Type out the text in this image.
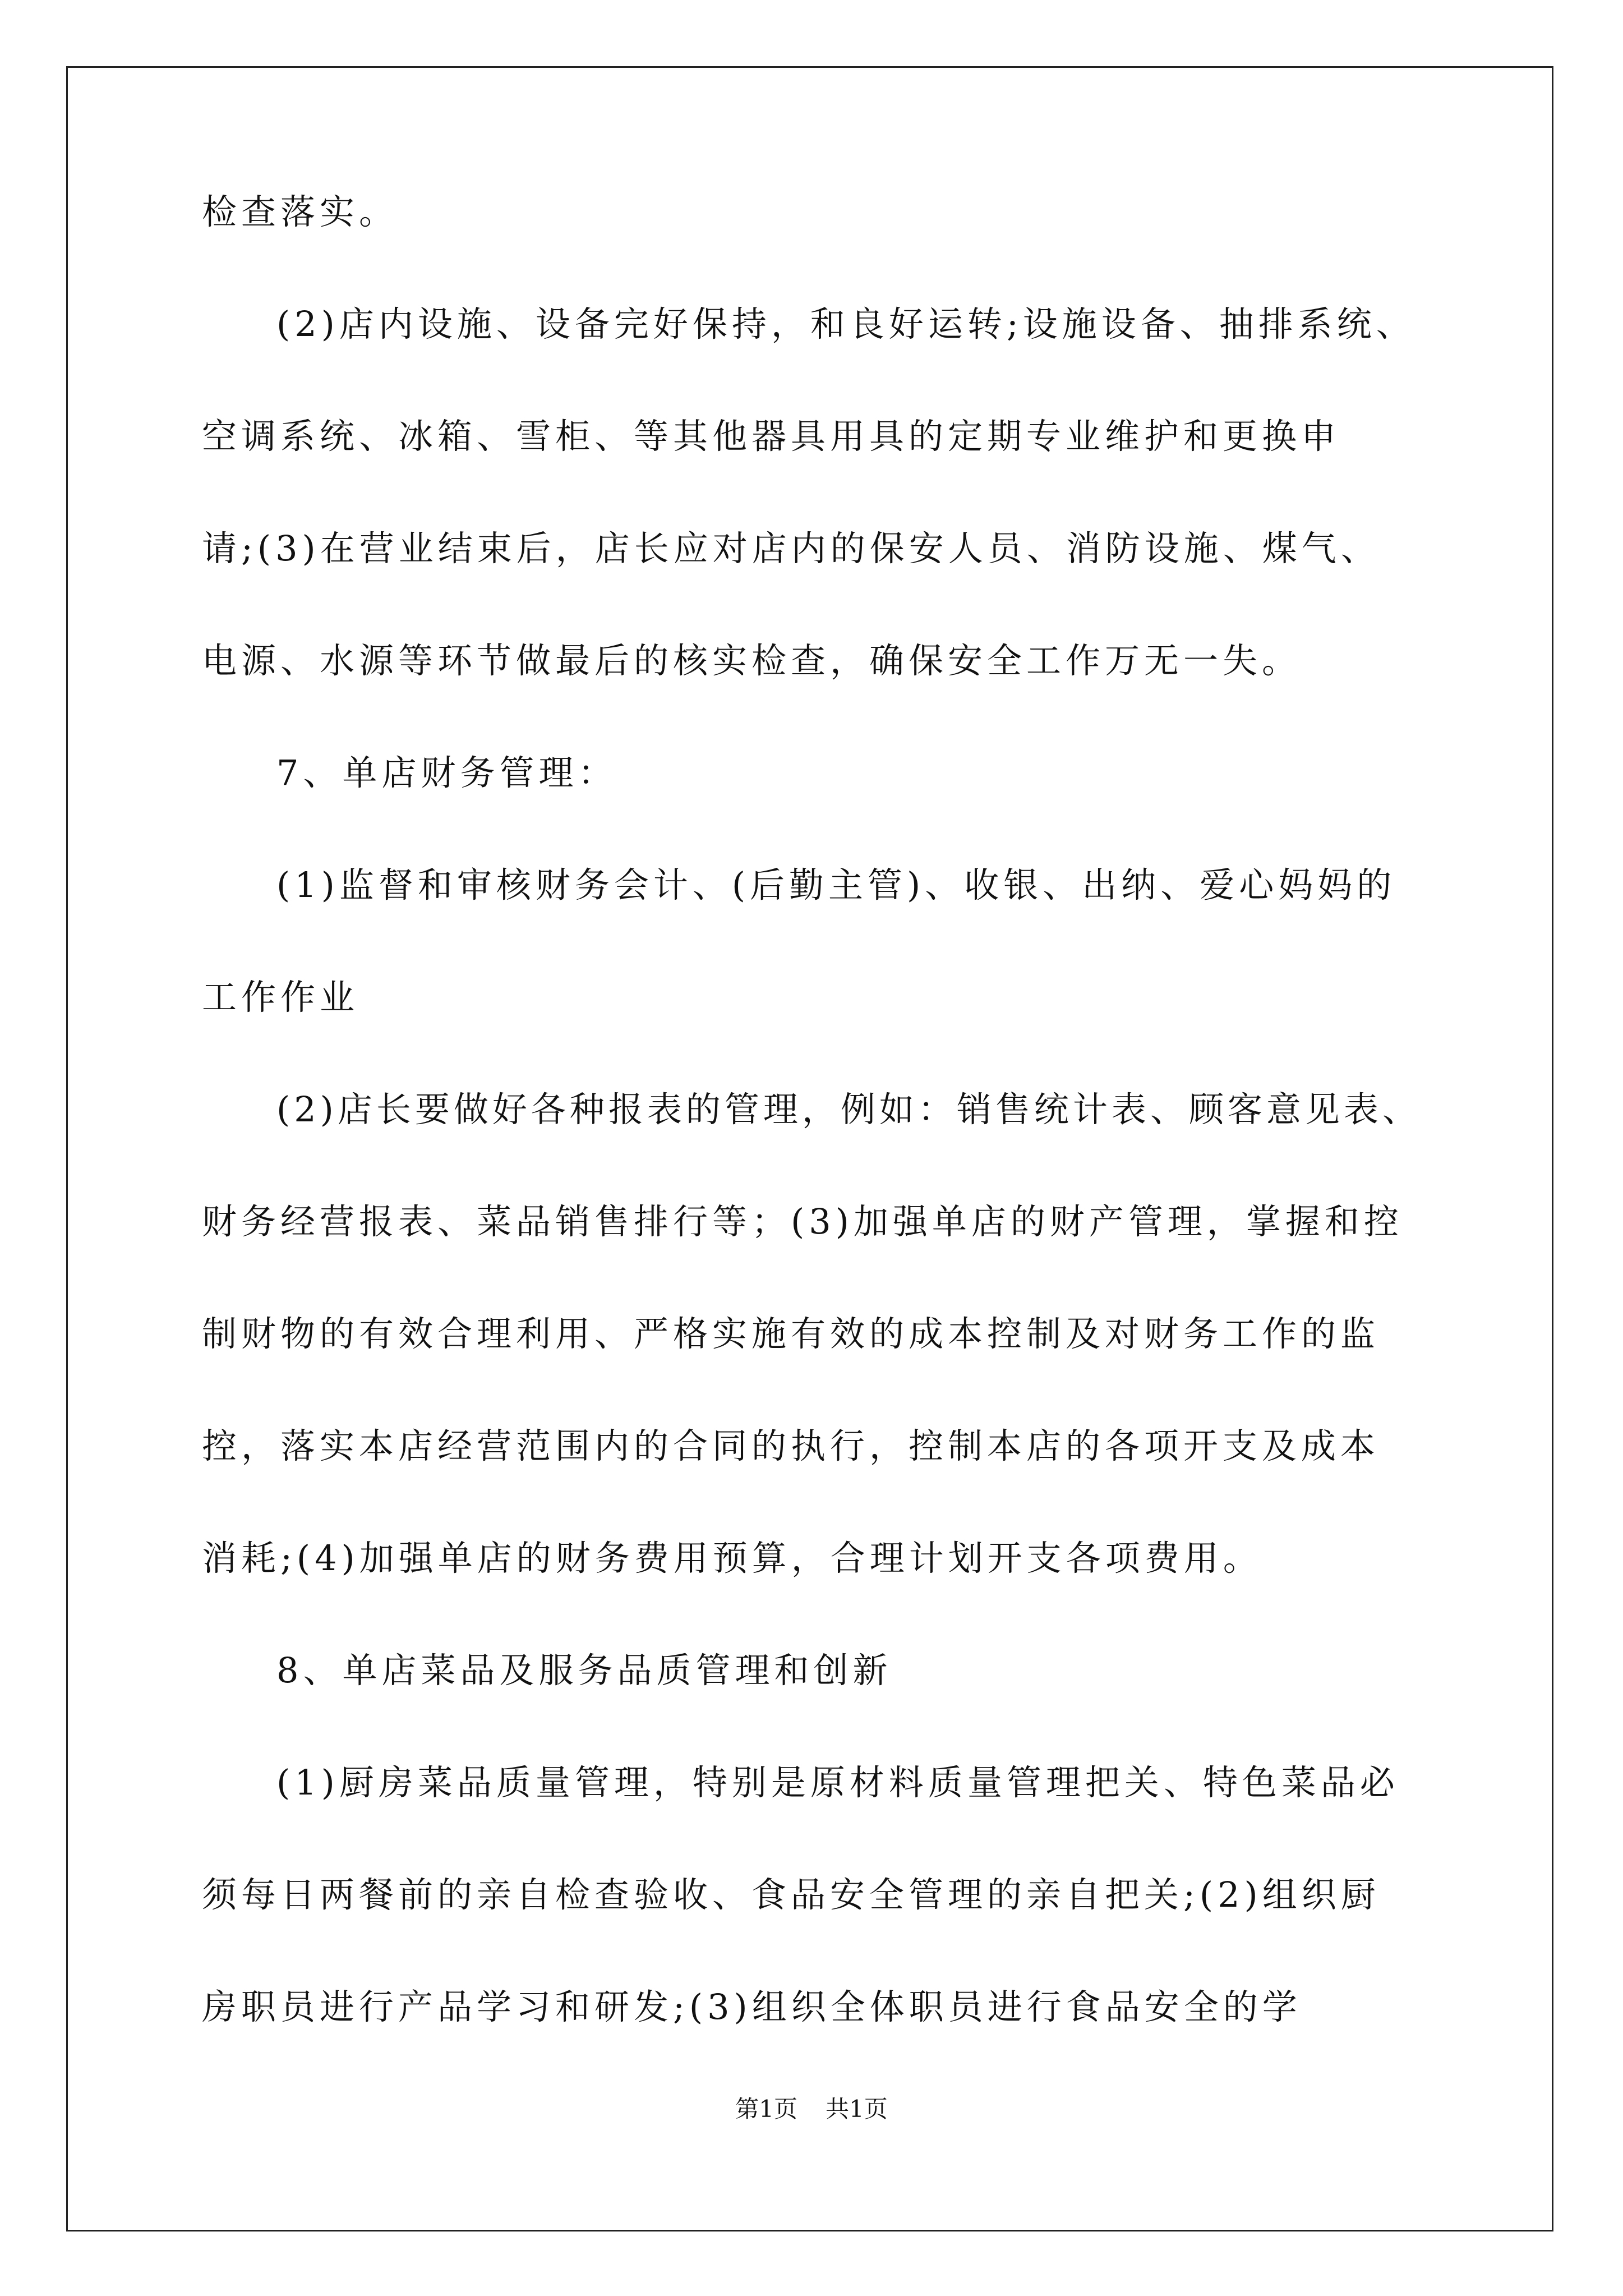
检查落实。
(2)店内设施、设备完好保持，和良好运转;设施设备、抽排系统、
空调系统、冰箱、雪柜、等其他器具用具的定期专业维护和更换申
请;(3)在营业结束后，店长应对店内的保安人员、消防设施、煤气、
电源、水源等环节做最后的核实检查，确保安全工作万无一失。
7、单店财务管理：
(1)监督和审核财务会计、(后勤主管)、收银、出纳、爱心妈妈的
工作作业
(2)店长要做好各种报表的管理，例如：销售统计表、顾客意见表、
财务经营报表、菜品销售排行等；(3)加强单店的财产管理，掌握和控
制财物的有效合理利用、严格实施有效的成本控制及对财务工作的监
控，落实本店经营范围内的合同的执行，控制本店的各项开支及成本
消耗;(4)加强单店的财务费用预算，合理计划开支各项费用。
8、单店菜品及服务品质管理和创新
(1)厨房菜品质量管理，特别是原材料质量管理把关、特色菜品必
须每日两餐前的亲自检查验收、食品安全管理的亲自把关;(2)组织厨
房职员进行产品学习和研发;(3)组织全体职员进行食品安全的学
第1页 共1页
